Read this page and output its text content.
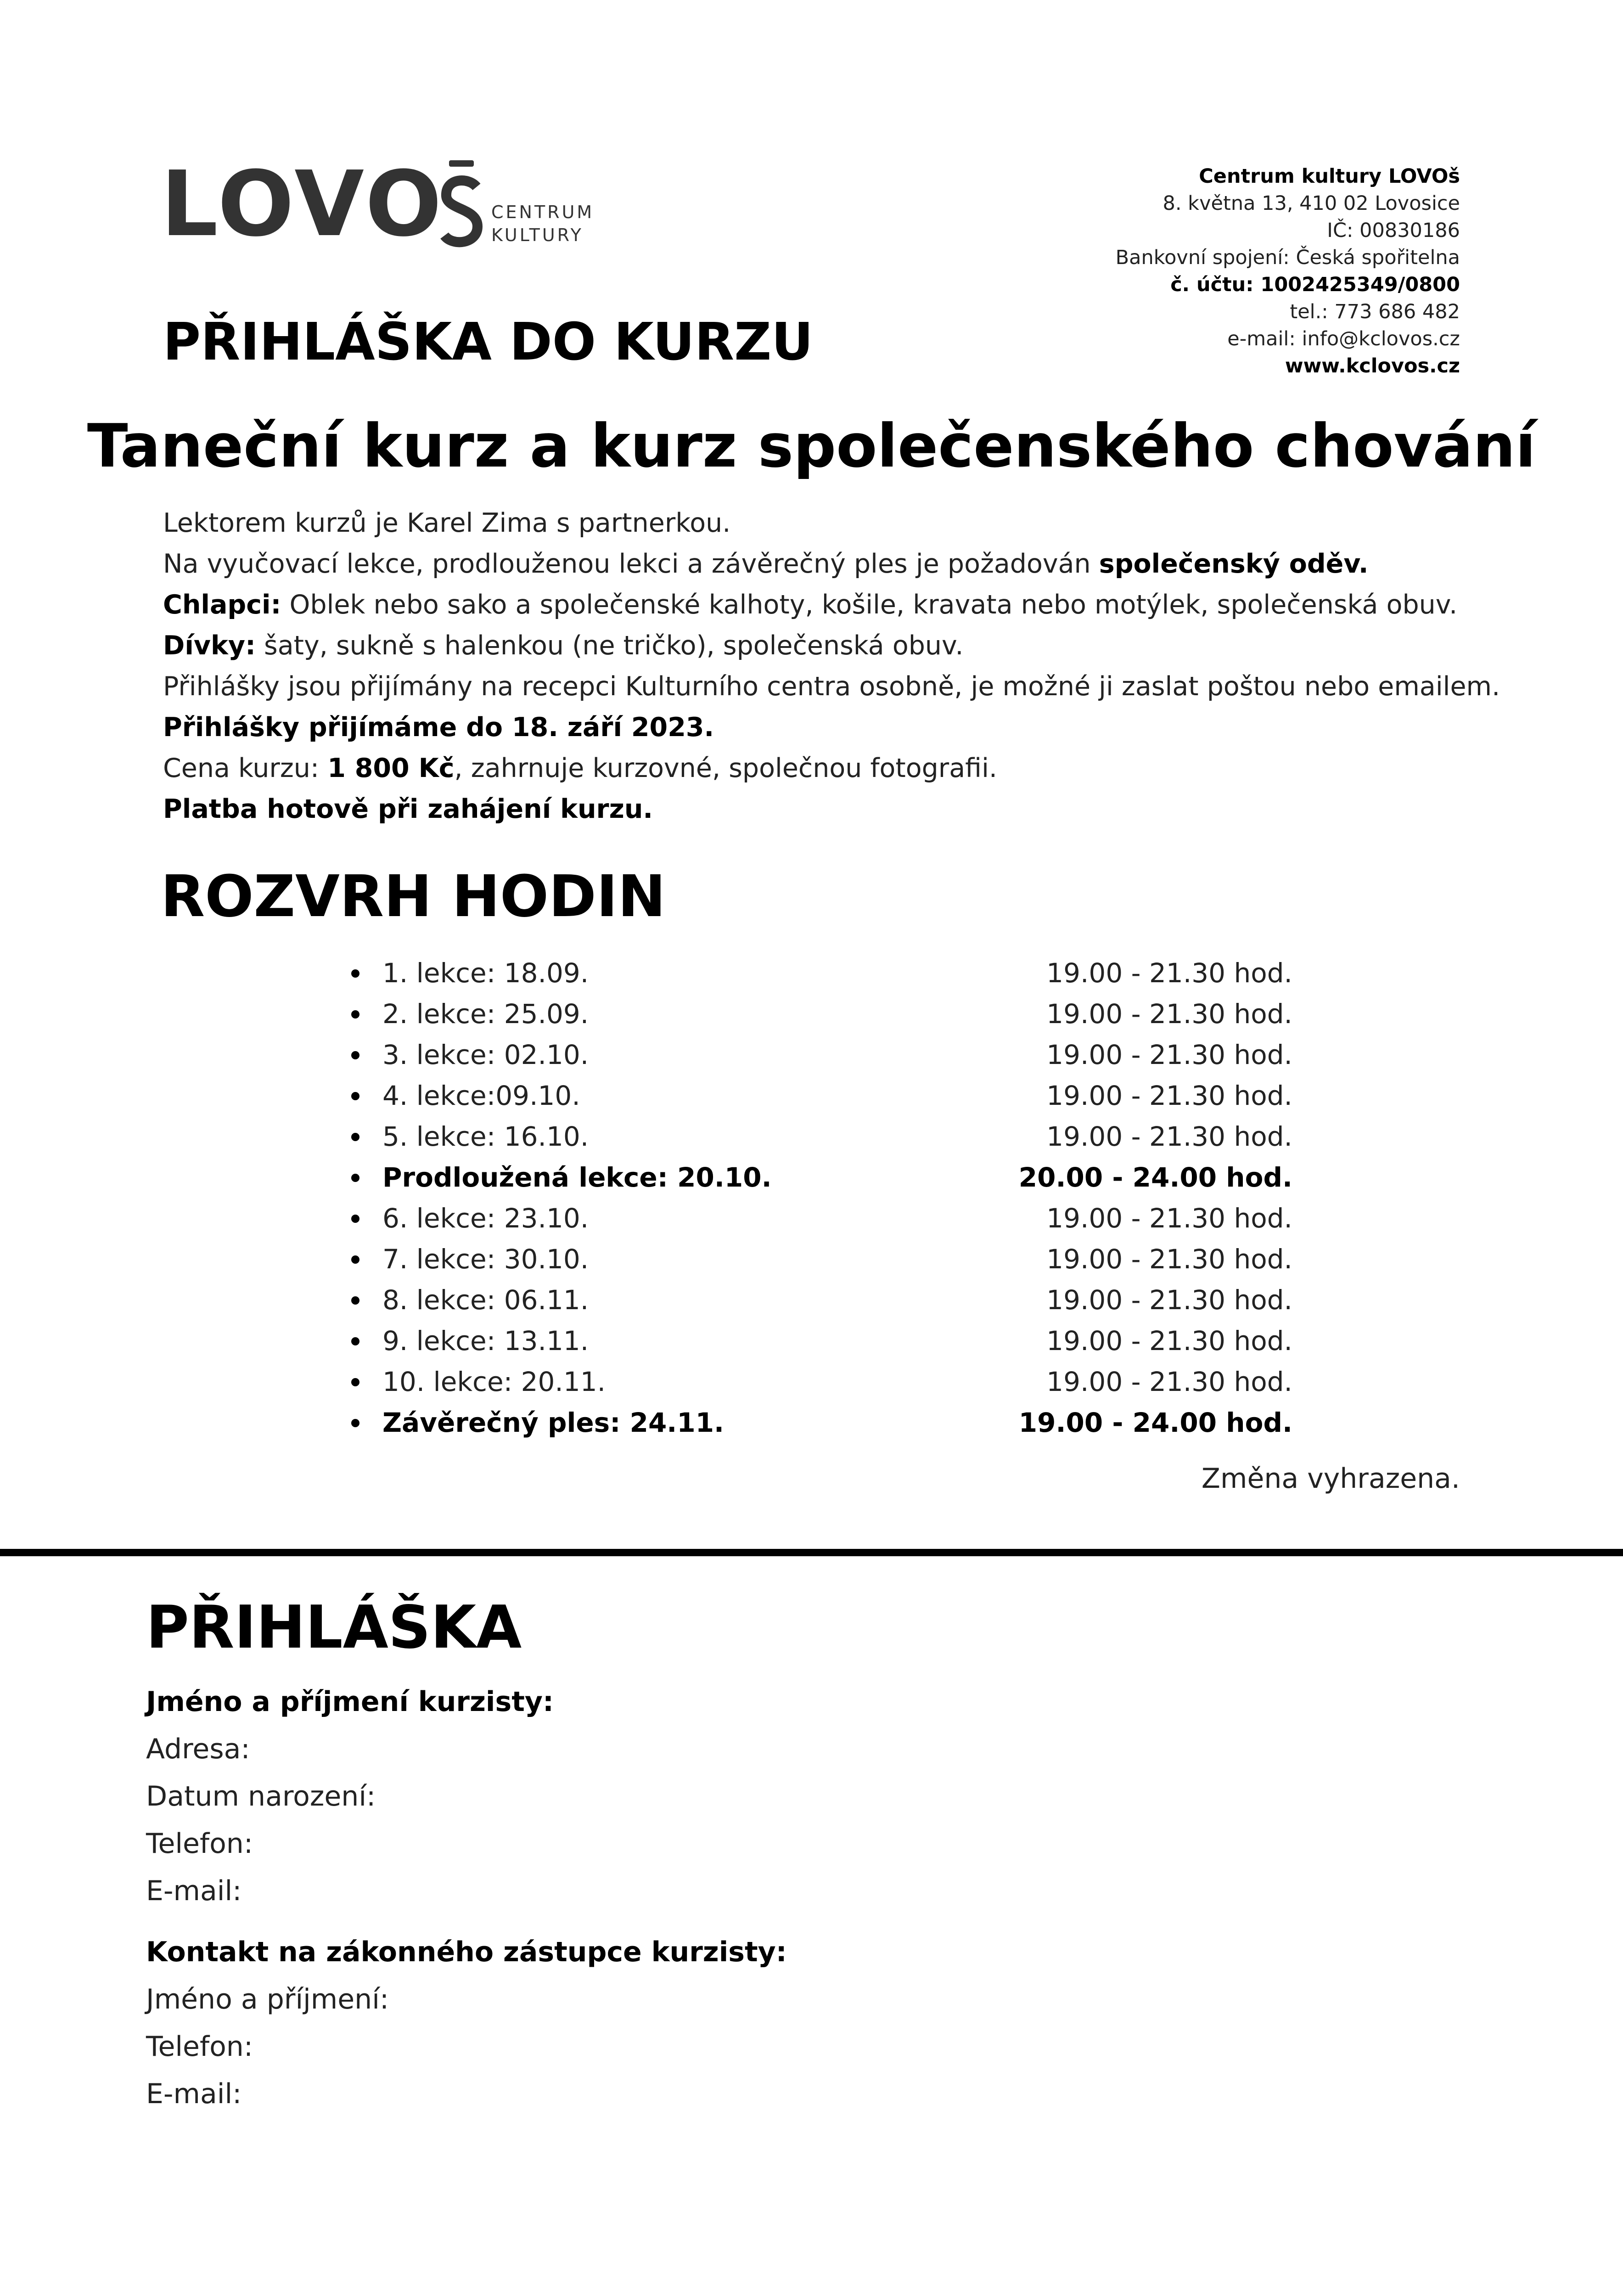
LOVO	CENTRUM
KULTURY
Centrum kultury LOVOš
8. května 13, 410 02 Lovosice
IČ: 00830186
Bankovní spojení: Česká spořitelna
č. účtu: 1002425349/0800
tel.: 773 686 482
e-mail: info@kclovos.cz
www.kclovos.cz
PŘIHLÁŠKA DO KURZU
Taneční kurz a kurz společenského chování

Lektorem kurzů je Karel Zima s partnerkou.

Na vyučovací lekce, prodlouženou lekci a závěrečný ples je požadován společenský oděv.

Chlapci: Oblek nebo sako a společenské kalhoty, košile, kravata nebo motýlek, společenská obuv.

Dívky: šaty, sukně s halenkou (ne tričko), společenská obuv.

Přihlášky jsou přijímány na recepci Kulturního centra osobně, je možné ji zaslat poštou nebo emailem.

Přihlášky přijímáme do 18. září 2023.

Cena kurzu: 1 800 Kč, zahrnuje kurzovné, společnou fotografii.

Platba hotově při zahájení kurzu.

ROZVRH HODIN
1. lekce: 18.09.	19.00 - 21.30 hod.
2. lekce: 25.09.	19.00 - 21.30 hod.
3. lekce: 02.10.	19.00 - 21.30 hod.
4. lekce:09.10.	19.00 - 21.30 hod.
5. lekce: 16.10.	19.00 - 21.30 hod.
Prodloužená lekce: 20.10.	20.00 - 24.00 hod.
6. lekce: 23.10.	19.00 - 21.30 hod.
7. lekce: 30.10.	19.00 - 21.30 hod.
8. lekce: 06.11.	19.00 - 21.30 hod.
9. lekce: 13.11.	19.00 - 21.30 hod.
10. lekce: 20.11.	19.00 - 21.30 hod.
Závěrečný ples: 24.11.	19.00 - 24.00 hod.
Změna vyhrazena.
PŘIHLÁŠKA
Jméno a příjmení kurzisty:
Adresa:
Datum narození:
Telefon:
E-mail:
Kontakt na zákonného zástupce kurzisty:
Jméno a příjmení:
Telefon:
E-mail:
